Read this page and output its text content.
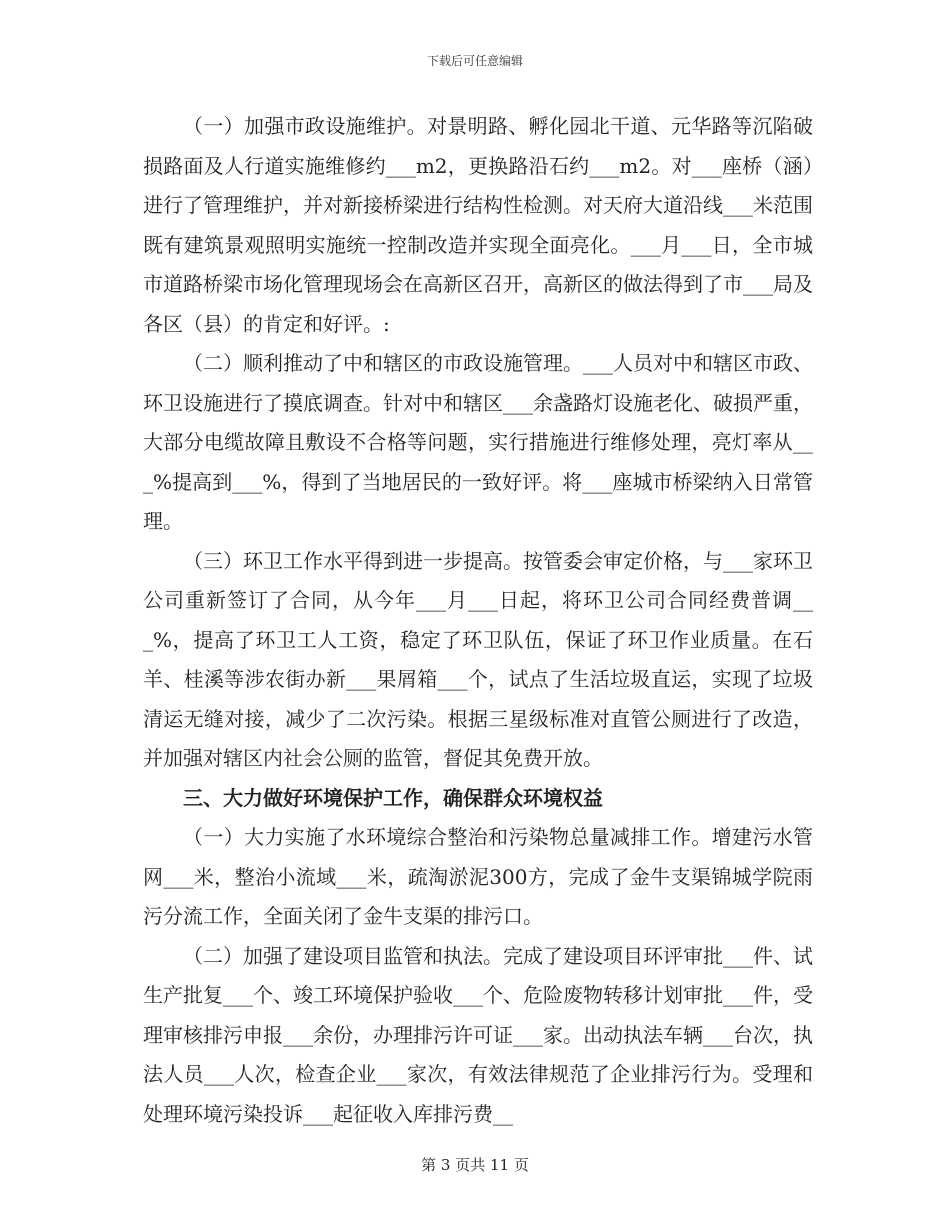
下载后可任意编辑

（一）加强市政设施维护。对景明路、孵化园北干道、元华路等沉陷破损路面及人行道实施维修约___m2，更换路沿石约___m2。对___座桥（涵）进行了管理维护，并对新接桥梁进行结构性检测。对天府大道沿线___米范围既有建筑景观照明实施统一控制改造并实现全面亮化。___月___日，全市城市道路桥梁市场化管理现场会在高新区召开，高新区的做法得到了市___局及各区（县）的肯定和好评。:

（二）顺利推动了中和辖区的市政设施管理。___人员对中和辖区市政、环卫设施进行了摸底调查。针对中和辖区___余盏路灯设施老化、破损严重，大部分电缆故障且敷设不合格等问题，实行措施进行维修处理，亮灯率从___%提高到___%，得到了当地居民的一致好评。将___座城市桥梁纳入日常管理。

（三）环卫工作水平得到进一步提高。按管委会审定价格，与___家环卫公司重新签订了合同，从今年___月___日起，将环卫公司合同经费普调___%，提高了环卫工人工资，稳定了环卫队伍，保证了环卫作业质量。在石羊、桂溪等涉农街办新___果屑箱___个，试点了生活垃圾直运，实现了垃圾清运无缝对接，减少了二次污染。根据三星级标准对直管公厕进行了改造，并加强对辖区内社会公厕的监管，督促其免费开放。

三、大力做好环境保护工作，确保群众环境权益

（一）大力实施了水环境综合整治和污染物总量减排工作。增建污水管网___米，整治小流域___米，疏淘淤泥300方，完成了金牛支渠锦城学院雨污分流工作，全面关闭了金牛支渠的排污口。

（二）加强了建设项目监管和执法。完成了建设项目环评审批___件、试生产批复___个、竣工环境保护验收___个、危险废物转移计划审批___件，受理审核排污申报___余份，办理排污许可证___家。出动执法车辆___台次，执法人员___人次，检查企业___家次，有效法律规范了企业排污行为。受理和处理环境污染投诉___起征收入库排污费__

第 3 页共 11 页
